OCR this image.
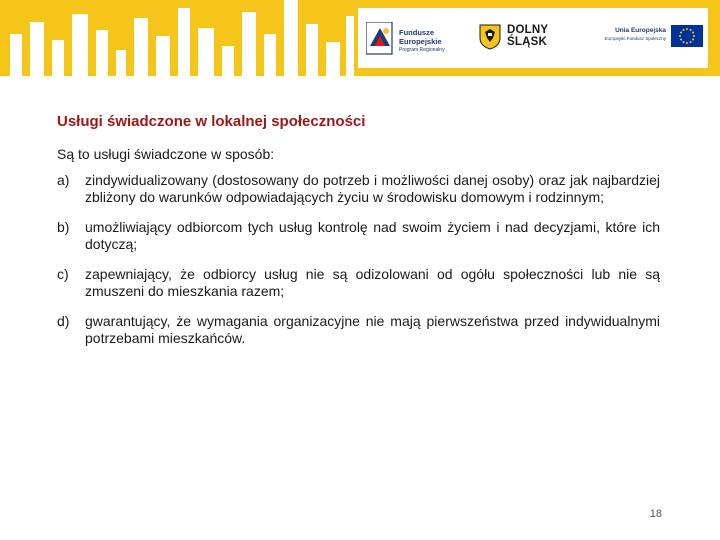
Fundusze
Europejskie
Program Regionalny
DOLNY
ŚLĄSK
Unia Europejska
Europejski Fundusz Społeczny
Usługi świadczone w lokalnej społeczności
Są to usługi świadczone w sposób:
a) zindywidualizowany (dostosowany do potrzeb i możliwości danej osoby) oraz jak najbardziej zbliżony do warunków odpowiadających życiu w środowisku domowym i rodzinnym;
b) umożliwiający odbiorcom tych usług kontrolę nad swoim życiem i nad decyzjami, które ich dotyczą;
c) zapewniający, że odbiorcy usług nie są odizolowani od ogółu społeczności lub nie są zmuszeni do mieszkania razem;
d) gwarantujący, że wymagania organizacyjne nie mają pierwszeństwa przed indywidualnymi potrzebami mieszkańców.
18
